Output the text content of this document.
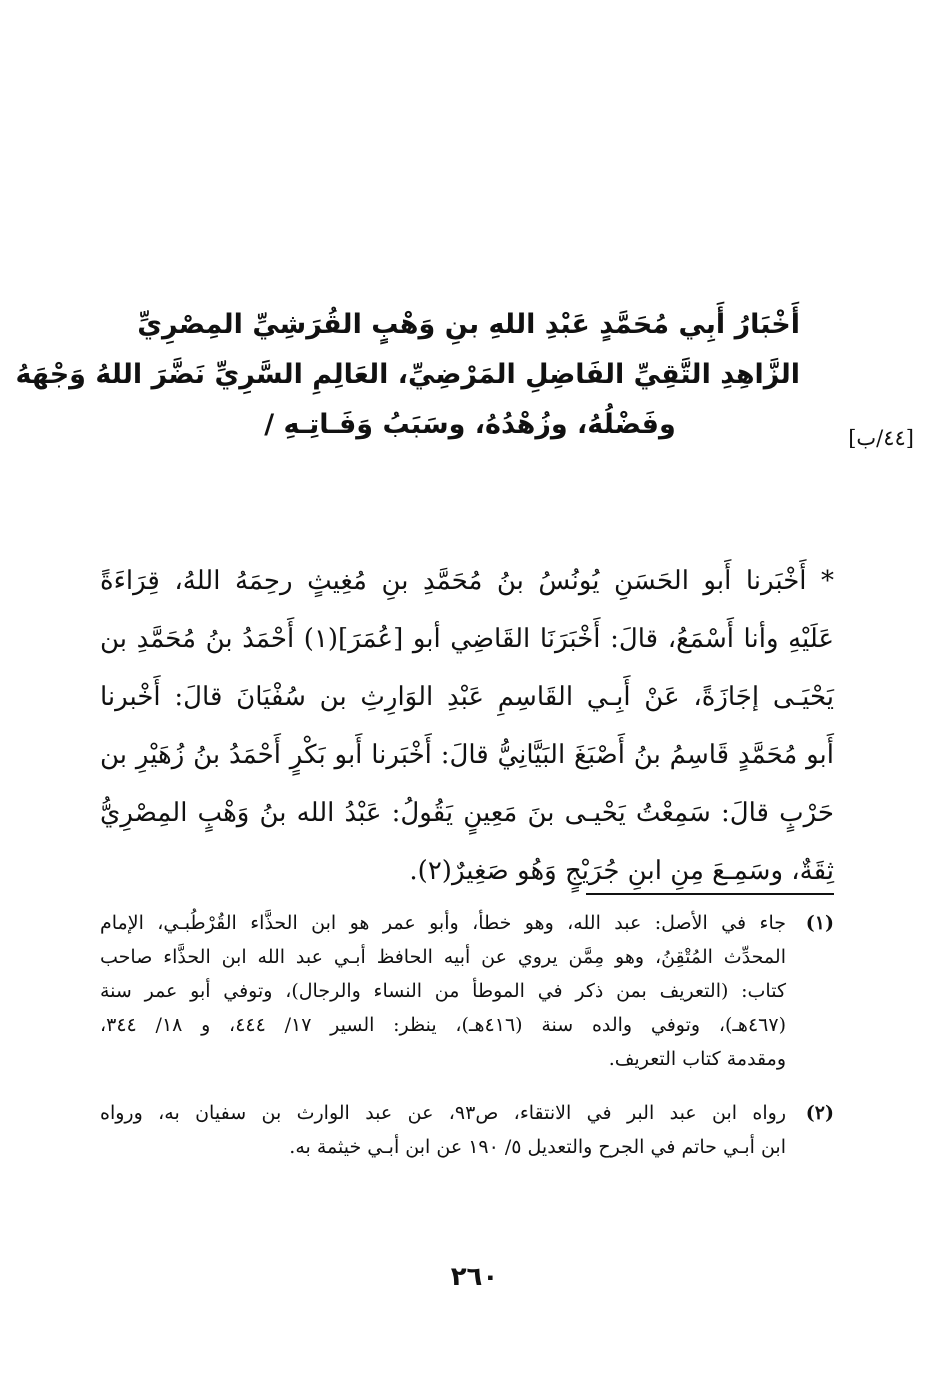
أَخْبَارُ أَبِي مُحَمَّدٍ عَبْدِ اللهِ بنِ وَهْبٍ القُرَشِيِّ المِصْرِيِّ
الزَّاهِدِ التَّقِيِّ الفَاضِلِ المَرْضِيِّ، العَالِمِ السَّرِيِّ نَضَّرَ اللهُ وَجْهَهُ
وفَضْلُهُ، وزُهْدُهُ، وسَبَبُ وَفَـاتِـهِ /	[٤٤/ب]
* أَخْبَرنا أَبو الحَسَنِ يُونُسُ بنُ مُحَمَّدِ بنِ مُغِيثٍ رحِمَهُ اللهُ، قِرَاءَةً
عَلَيْهِ وأنا أَسْمَعُ، قالَ: أَخْبَرَنَا القَاضِي أبو [عُمَرَ](١) أَحْمَدُ بنُ مُحَمَّدِ بن
يَحْيَـى إجَازَةً، عَنْ أَبِـي القَاسِمِ عَبْدِ الوَارِثِ بن سُفْيَانَ قالَ: أَخْبرنا
أَبو مُحَمَّدٍ قَاسِمُ بنُ أَصْبَغَ البَيَّانِيُّ قالَ: أَخْبَرنا أَبو بَكْرٍ أَحْمَدُ بنُ زُهَيْرِ بن
حَرْبٍ قالَ: سَمِعْتُ يَحْيـى بنَ مَعِينٍ يَقُولُ: عَبْدُ الله بنُ وَهْبٍ المِصْرِيُّ
ثِقَةٌ، وسَمِـعَ مِنِ ابنِ جُرَيْجٍ وَهُو صَغِيرٌ(٢).
(١)
جاء في الأصل: عبد الله، وهو خطأ، وأبو عمر هو ابن الحذَّاء القُرْطُبـي، الإمام
المحدِّث المُتْقِنُ، وهو مِمَّن يروي عن أبيه الحافظ أبـي عبد الله ابن الحذَّاء صاحب
كتاب: (التعريف بمن ذكر في الموطأ من النساء والرجال)، وتوفي أبو عمر سنة
(٤٦٧هـ)، وتوفي والده سنة (٤١٦هـ)، ينظر: السير ١٧/ ٤٤٤، و ١٨/ ٣٤٤،
ومقدمة كتاب التعريف.
(٢)
رواه ابن عبد البر في الانتقاء، ص٩٣، عن عبد الوارث بن سفيان به، ورواه
ابن أبـي حاتم في الجرح والتعديل ٥/ ١٩٠ عن ابن أبـي خيثمة به.
٢٦٠
